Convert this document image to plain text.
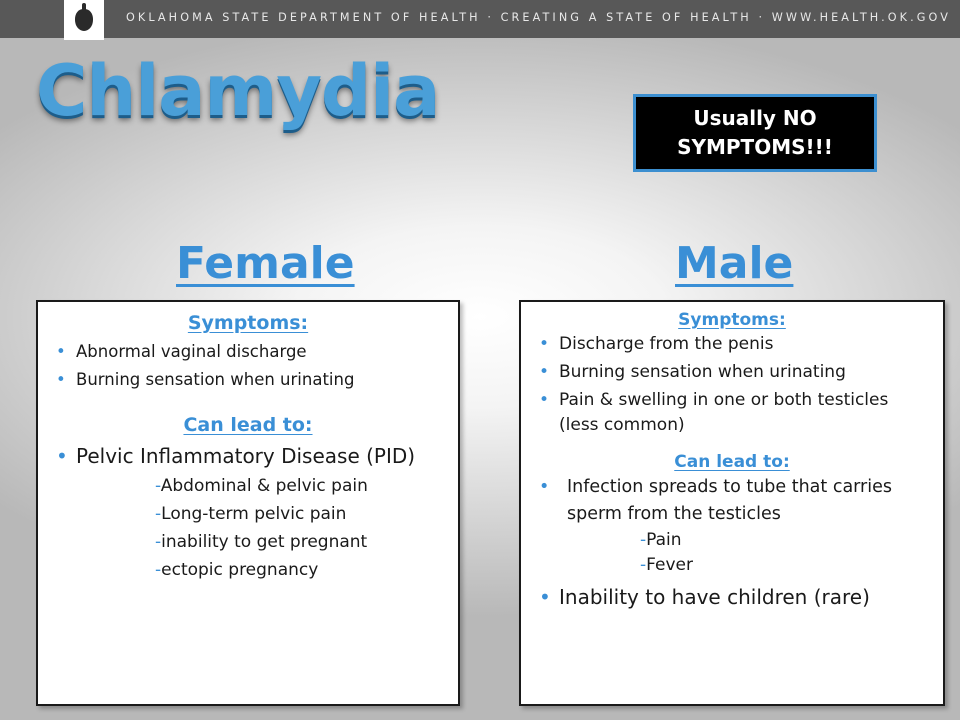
OKLAHOMA STATE DEPARTMENT OF HEALTH · CREATING A STATE OF HEALTH · WWW.HEALTH.OK.GOV
Chlamydia	Usually NO
SYMPTOMS!!!
Female	Male
Symptoms:
• Abnormal vaginal discharge
• Burning sensation when urinating
Can lead to:
• Pelvic Inflammatory Disease (PID)
-Abdominal & pelvic pain
-Long-term pelvic pain
-inability to get pregnant
-ectopic pregnancy
Symptoms:
• Discharge from the penis
• Burning sensation when urinating
• Pain & swelling in one or both testicles (less common)
Can lead to:
• Infection spreads to tube that carries sperm from the testicles
-Pain
-Fever
• Inability to have children (rare)
